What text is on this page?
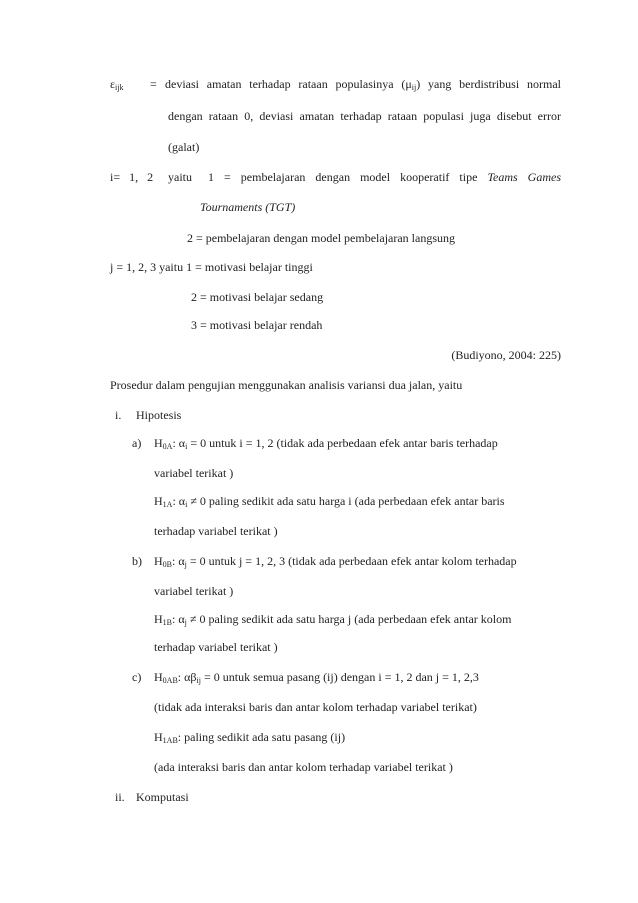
$\varepsilon_{ijk}$ = deviasi amatan terhadap rataan populasinya $(\mu_{ij})$ yang berdistribusi normal
dengan rataan 0, deviasi amatan terhadap rataan populasi juga disebut error
(galat)
i= 1, 2 yaitu 1 = pembelajaran dengan model kooperatif tipe Teams Games
Tournaments (TGT)
2 = pembelajaran dengan model pembelajaran langsung
j = 1, 2, 3 yaitu 1 = motivasi belajar tinggi
2 = motivasi belajar sedang
3 = motivasi belajar rendah
(Budiyono, 2004: 225)
Prosedur dalam pengujian menggunakan analisis variansi dua jalan, yaitu
i. Hipotesis
a) $H_{0A}$: $\alpha_i = 0$ untuk i = 1, 2 (tidak ada perbedaan efek antar baris terhadap
variabel terikat )
$H_{1A}$: $\alpha_i \ne 0$ paling sedikit ada satu harga i (ada perbedaan efek antar baris
terhadap variabel terikat )
b) $H_{0B}$: $\alpha_j = 0$ untuk j = 1, 2, 3 (tidak ada perbedaan efek antar kolom terhadap
variabel terikat )
$H_{1B}$: $\alpha_j \ne 0$ paling sedikit ada satu harga j (ada perbedaan efek antar kolom
terhadap variabel terikat )
c) $H_{0AB}$: $\alpha\beta_{ij} = 0$ untuk semua pasang (ij) dengan i = 1, 2 dan j = 1, 2,3
(tidak ada interaksi baris dan antar kolom terhadap variabel terikat)
$H_{1AB}$: paling sedikit ada satu pasang (ij)
(ada interaksi baris dan antar kolom terhadap variabel terikat )
ii. Komputasi
